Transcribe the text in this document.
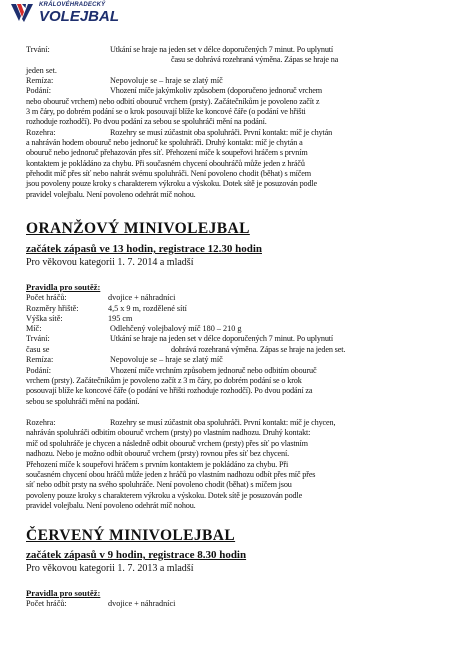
KRÁLOVÉHRADECKÝ
VOLEJBAL
Trvání:	Utkání se hraje na jeden set v délce doporučených 7 minut. Po uplynutí
času se dohrává rozehraná výměna. Zápas se hraje na
jeden set.
Remíza:	Nepovoluje se – hraje se zlatý míč
Podání:	Vhození míče jakýmkoliv způsobem (doporučeno jednoruč vrchem
nebo obouruč vrchem) nebo odbití obouruč vrchem (prsty). Začátečníkům je povoleno začít z
3 m čáry, po dobrém podání se o krok posouvají blíže ke koncové čáře (o podání ve hřišti
rozhoduje rozhodčí). Po dvou podání za sebou se spoluhráči mění na podání.
Rozehra:	Rozehry se musí zúčastnit oba spoluhráči. První kontakt: míč je chytán
a nahráván hodem obouruč nebo jednoruč ke spoluhráči. Druhý kontakt: míč je chytán a
obouruč nebo jednoruč přehazován přes síť. Přehození míče k soupeřovi hráčem s prvním
kontaktem je pokládáno za chybu. Při současném chycení obouhráčů může jeden z hráčů
přehodit míč přes síť nebo nahrát svému spoluhráči. Není povoleno chodit (běhat) s míčem
jsou povoleny pouze kroky s charakterem výkroku a výskoku. Dotek sítě je posuzován podle
pravidel volejbalu. Není povoleno odehrát míč nohou.
ORANŽOVÝ MINIVOLEJBAL
začátek zápasů ve 13 hodin, registrace 12.30 hodin
Pro věkovou kategorii 1. 7. 2014 a mladší
Pravidla pro soutěž:
Počet hráčů:	dvojice + náhradníci
Rozměry hřiště:	4,5 x 9 m, rozdělené sítí
Výška sítě:	195 cm
Míč:	Odlehčený volejbalový míč 180 – 210 g
Trvání:	Utkání se hraje na jeden set v délce doporučených 7 minut. Po uplynutí
času se	dohrává rozehraná výměna. Zápas se hraje na jeden set.
Remíza:	Nepovoluje se – hraje se zlatý míč
Podání:	Vhození míče vrchním způsobem jednoruč nebo odbitím obouruč
vrchem (prsty). Začátečníkům je povoleno začít z 3 m čáry, po dobrém podání se o krok
posouvají blíže ke koncové čáře (o podání ve hřišti rozhoduje rozhodčí). Po dvou podání za
sebou se spoluhráči mění na podání.
Rozehra:	Rozehry se musí zúčastnit oba spoluhráči. První kontakt: míč je chycen,
nahráván spoluhráči odbitím obouruč vrchem (prsty) po vlastním nadhozu. Druhý kontakt:
míč od spoluhráče je chycen a následně odbit obouruč vrchem (prsty) přes síť po vlastním
nadhozu. Nebo je možno odbít obouruč vrchem (prsty) rovnou přes síť bez chycení.
Přehození míče k soupeřovi hráčem s prvním kontaktem je pokládáno za chybu. Při
současném chycení obou hráčů může jeden z hráčů po vlastním nadhozu odbít přes míč přes
síť nebo odbít prsty na svého spoluhráče. Není povoleno chodit (běhat) s míčem jsou
povoleny pouze kroky s charakterem výkroku a výskoku. Dotek sítě je posuzován podle
pravidel volejbalu. Není povoleno odehrát míč nohou.
ČERVENÝ MINIVOLEJBAL
začátek zápasů v 9 hodin, registrace 8.30 hodin
Pro věkovou kategorii 1. 7. 2013 a mladší
Pravidla pro soutěž:
Počet hráčů:	dvojice + náhradníci
